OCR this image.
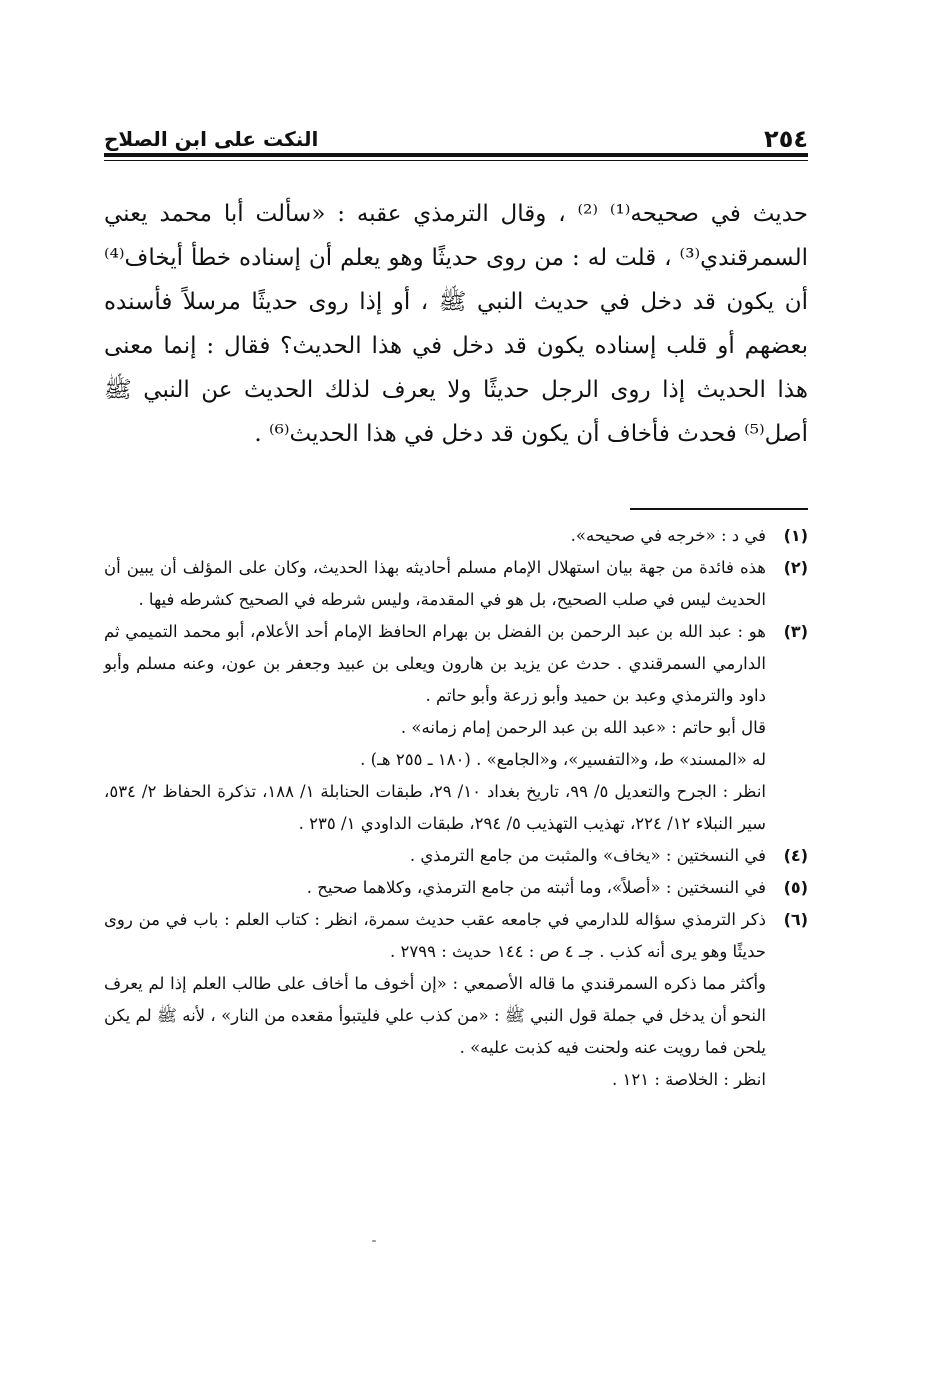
٢٥٤
النكت على ابن الصلاح

حديث في صحيحه⁽¹⁾ ⁽²⁾ ، وقال الترمذي عقبه : «سألت أبا محمد يعني السمرقندي⁽³⁾ ، قلت له : من روى حديثًا وهو يعلم أن إسناده خطأ أيخاف⁽⁴⁾ أن يكون قد دخل في حديث النبي ﷺ ، أو إذا روى حديثًا مرسلاً فأسنده بعضهم أو قلب إسناده يكون قد دخل في هذا الحديث؟ فقال : إنما معنى هذا الحديث إذا روى الرجل حديثًا ولا يعرف لذلك الحديث عن النبي ﷺ أصل⁽⁵⁾ فحدث فأخاف أن يكون قد دخل في هذا الحديث⁽⁶⁾ .

(١)

في د : «خرجه في صحيحه».

(٢)

هذه فائدة من جهة بيان استهلال الإمام مسلم أحاديثه بهذا الحديث، وكان على المؤلف أن يبين أن الحديث ليس في صلب الصحيح، بل هو في المقدمة، وليس شرطه في الصحيح كشرطه فيها .

(٣)

هو : عبد الله بن عبد الرحمن بن الفضل بن بهرام الحافظ الإمام أحد الأعلام، أبو محمد التميمي ثم الدارمي السمرقندي . حدث عن يزيد بن هارون ويعلى بن عبيد وجعفر بن عون، وعنه مسلم وأبو داود والترمذي وعبد بن حميد وأبو زرعة وأبو حاتم .

قال أبو حاتم : «عبد الله بن عبد الرحمن إمام زمانه» .

له «المسند» ط، و«التفسير»، و«الجامع» . (١٨٠ ـ ٢٥٥ هـ) .

انظر : الجرح والتعديل ٥/ ٩٩، تاريخ بغداد ١٠/ ٢٩، طبقات الحنابلة ١/ ١٨٨، تذكرة الحفاظ ٢/ ٥٣٤، سير النبلاء ١٢/ ٢٢٤، تهذيب التهذيب ٥/ ٢٩٤، طبقات الداودي ١/ ٢٣٥ .

(٤)

في النسختين : «يخاف» والمثبت من جامع الترمذي .

(٥)

في النسختين : «أصلاً»، وما أثبته من جامع الترمذي، وكلاهما صحيح .

(٦)

ذكر الترمذي سؤاله للدارمي في جامعه عقب حديث سمرة، انظر : كتاب العلم : باب في من روى حديثًا وهو يرى أنه كذب . جـ ٤ ص : ١٤٤ حديث : ٢٧٩٩ .

وأكثر مما ذكره السمرقندي ما قاله الأصمعي : «إن أخوف ما أخاف على طالب العلم إذا لم يعرف النحو أن يدخل في جملة قول النبي ﷺ : «من كذب علي فليتبوأ مقعده من النار» ، لأنه ﷺ لم يكن يلحن فما رويت عنه ولحنت فيه كذبت عليه» .

انظر : الخلاصة : ١٢١ .
